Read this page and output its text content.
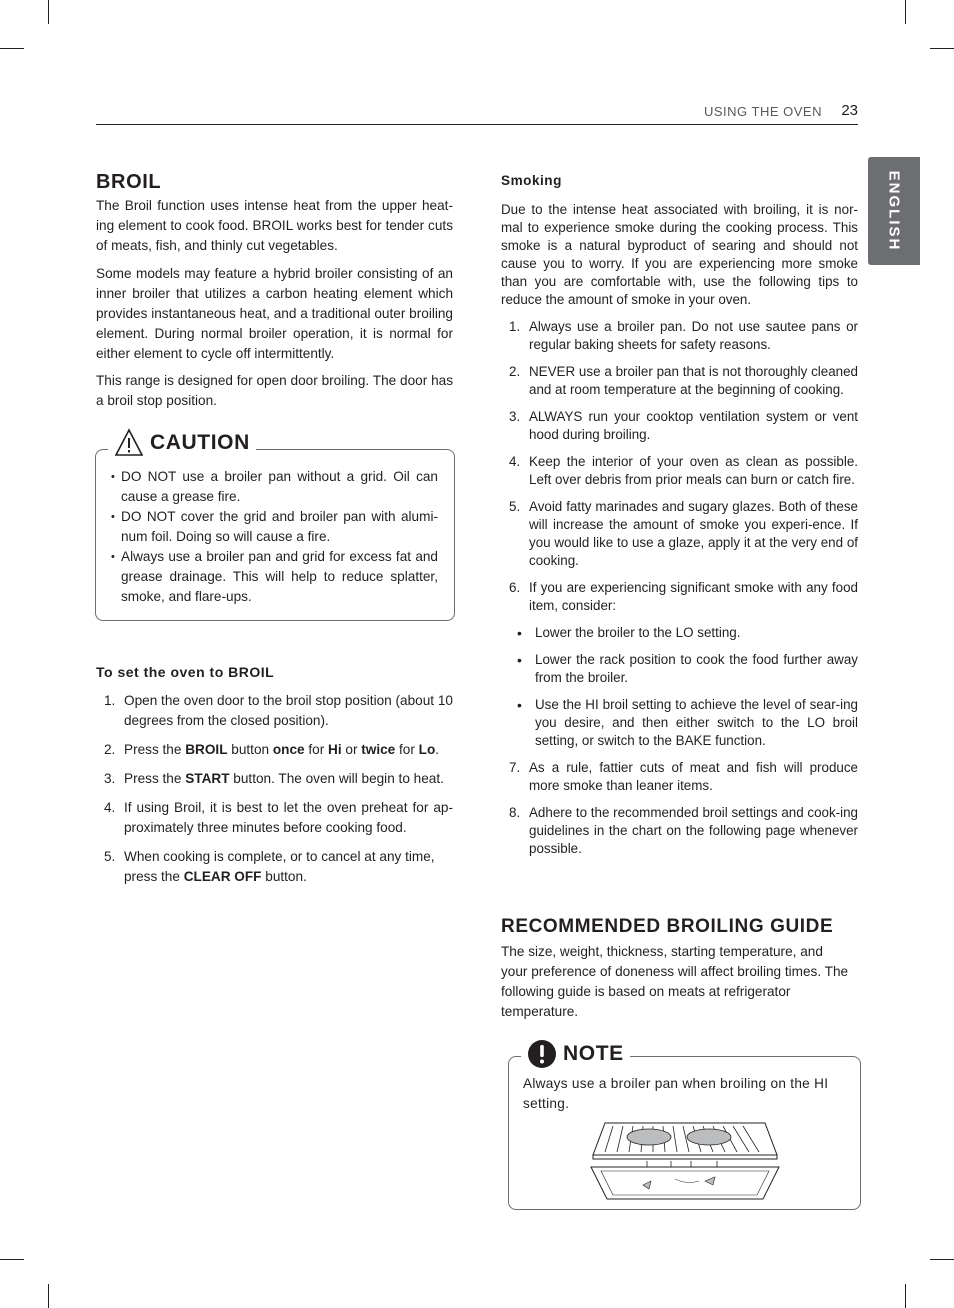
USING THE OVEN 23
ENGLISH
BROIL

The Broil function uses intense heat from the upper heat-ing element to cook food. BROIL works best for tender cuts of meats, fish, and thinly cut vegetables.

Some models may feature a hybrid broiler consisting of an inner broiler that utilizes a carbon heating element which provides instantaneous heat, and a traditional outer broiling element. During normal broiler operation, it is normal for either element to cycle off intermittently.

This range is designed for open door broiling. The door has a broil stop position.

CAUTION
• DO NOT use a broiler pan without a grid. Oil can cause a grease fire.
• DO NOT cover the grid and broiler pan with alumi-num foil. Doing so will cause a fire.
• Always use a broiler pan and grid for excess fat and grease drainage. This will help to reduce splatter, smoke, and flare-ups.
To set the oven to BROIL
1. Open the oven door to the broil stop position (about 10 degrees from the closed position).
2. Press the BROIL button once for Hi or twice for Lo.
3. Press the START button. The oven will begin to heat.
4. If using Broil, it is best to let the oven preheat for ap-proximately three minutes before cooking food.
5. When cooking is complete, or to cancel at any time, press the CLEAR OFF button.
Smoking

Due to the intense heat associated with broiling, it is nor-mal to experience smoke during the cooking process. This smoke is a natural byproduct of searing and should not cause you to worry. If you are experiencing more smoke than you are comfortable with, use the following tips to reduce the amount of smoke in your oven.

1. Always use a broiler pan. Do not use sautee pans or regular baking sheets for safety reasons.
2. NEVER use a broiler pan that is not thoroughly cleaned and at room temperature at the beginning of cooking.
3. ALWAYS run your cooktop ventilation system or vent hood during broiling.
4. Keep the interior of your oven as clean as possible. Left over debris from prior meals can burn or catch fire.
5. Avoid fatty marinades and sugary glazes. Both of these will increase the amount of smoke you experi-ence. If you would like to use a glaze, apply it at the very end of cooking.
6. If you are experiencing significant smoke with any food item, consider:
• Lower the broiler to the LO setting.
• Lower the rack position to cook the food further away from the broiler.
• Use the HI broil setting to achieve the level of sear-ing you desire, and then either switch to the LO broil setting, or switch to the BAKE function.
7. As a rule, fattier cuts of meat and fish will produce more smoke than leaner items.
8. Adhere to the recommended broil settings and cook-ing guidelines in the chart on the following page whenever possible.
RECOMMENDED BROILING GUIDE

The size, weight, thickness, starting temperature, and your preference of doneness will affect broiling times. The following guide is based on meats at refrigerator temperature.

NOTE

Always use a broiler pan when broiling on the HI setting.
